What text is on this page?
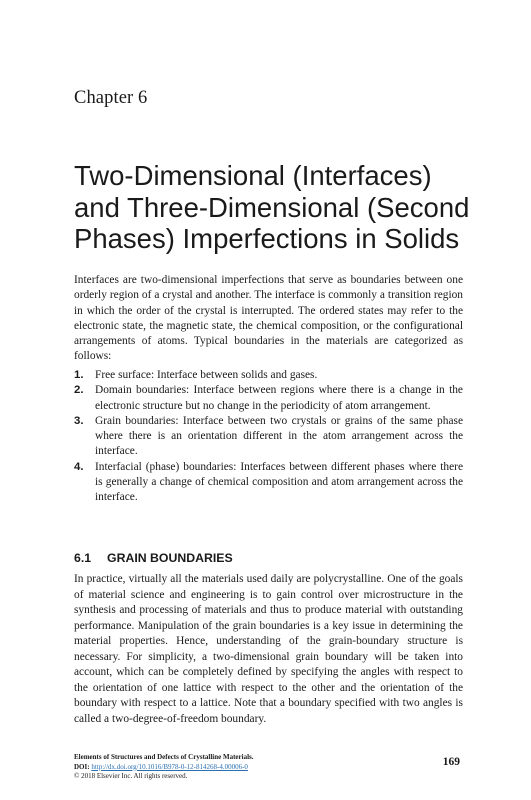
Chapter 6
Two-Dimensional (Interfaces)
and Three-Dimensional (Second
Phases) Imperfections in Solids

Interfaces are two-dimensional imperfections that serve as boundaries between one orderly region of a crystal and another. The interface is commonly a transition region in which the order of the crystal is interrupted. The ordered states may refer to the electronic state, the magnetic state, the chemical composition, or the configurational arrangements of atoms. Typical boundaries in the materials are categorized as follows:

1. Free surface: Interface between solids and gases.
2. Domain boundaries: Interface between regions where there is a change in the electronic structure but no change in the periodicity of atom arrangement.
3. Grain boundaries: Interface between two crystals or grains of the same phase where there is an orientation different in the atom arrangement across the interface.
4. Interfacial (phase) boundaries: Interfaces between different phases where there is generally a change of chemical composition and atom arrangement across the interface.
6.1 GRAIN BOUNDARIES

In practice, virtually all the materials used daily are polycrystalline. One of the goals of material science and engineering is to gain control over microstructure in the synthesis and processing of materials and thus to produce material with outstanding performance. Manipulation of the grain boundaries is a key issue in determining the material properties. Hence, understanding of the grain-boundary structure is necessary. For simplicity, a two-dimensional grain boundary will be taken into account, which can be completely defined by specifying the angles with respect to the orientation of one lattice with respect to the other and the orientation of the boundary with respect to a lattice. Note that a boundary specified with two angles is called a two-degree-of-freedom boundary.

Elements of Structures and Defects of Crystalline Materials.
DOI: http://dx.doi.org/10.1016/B978-0-12-814268-4.00006-0
© 2018 Elsevier Inc. All rights reserved.
169
